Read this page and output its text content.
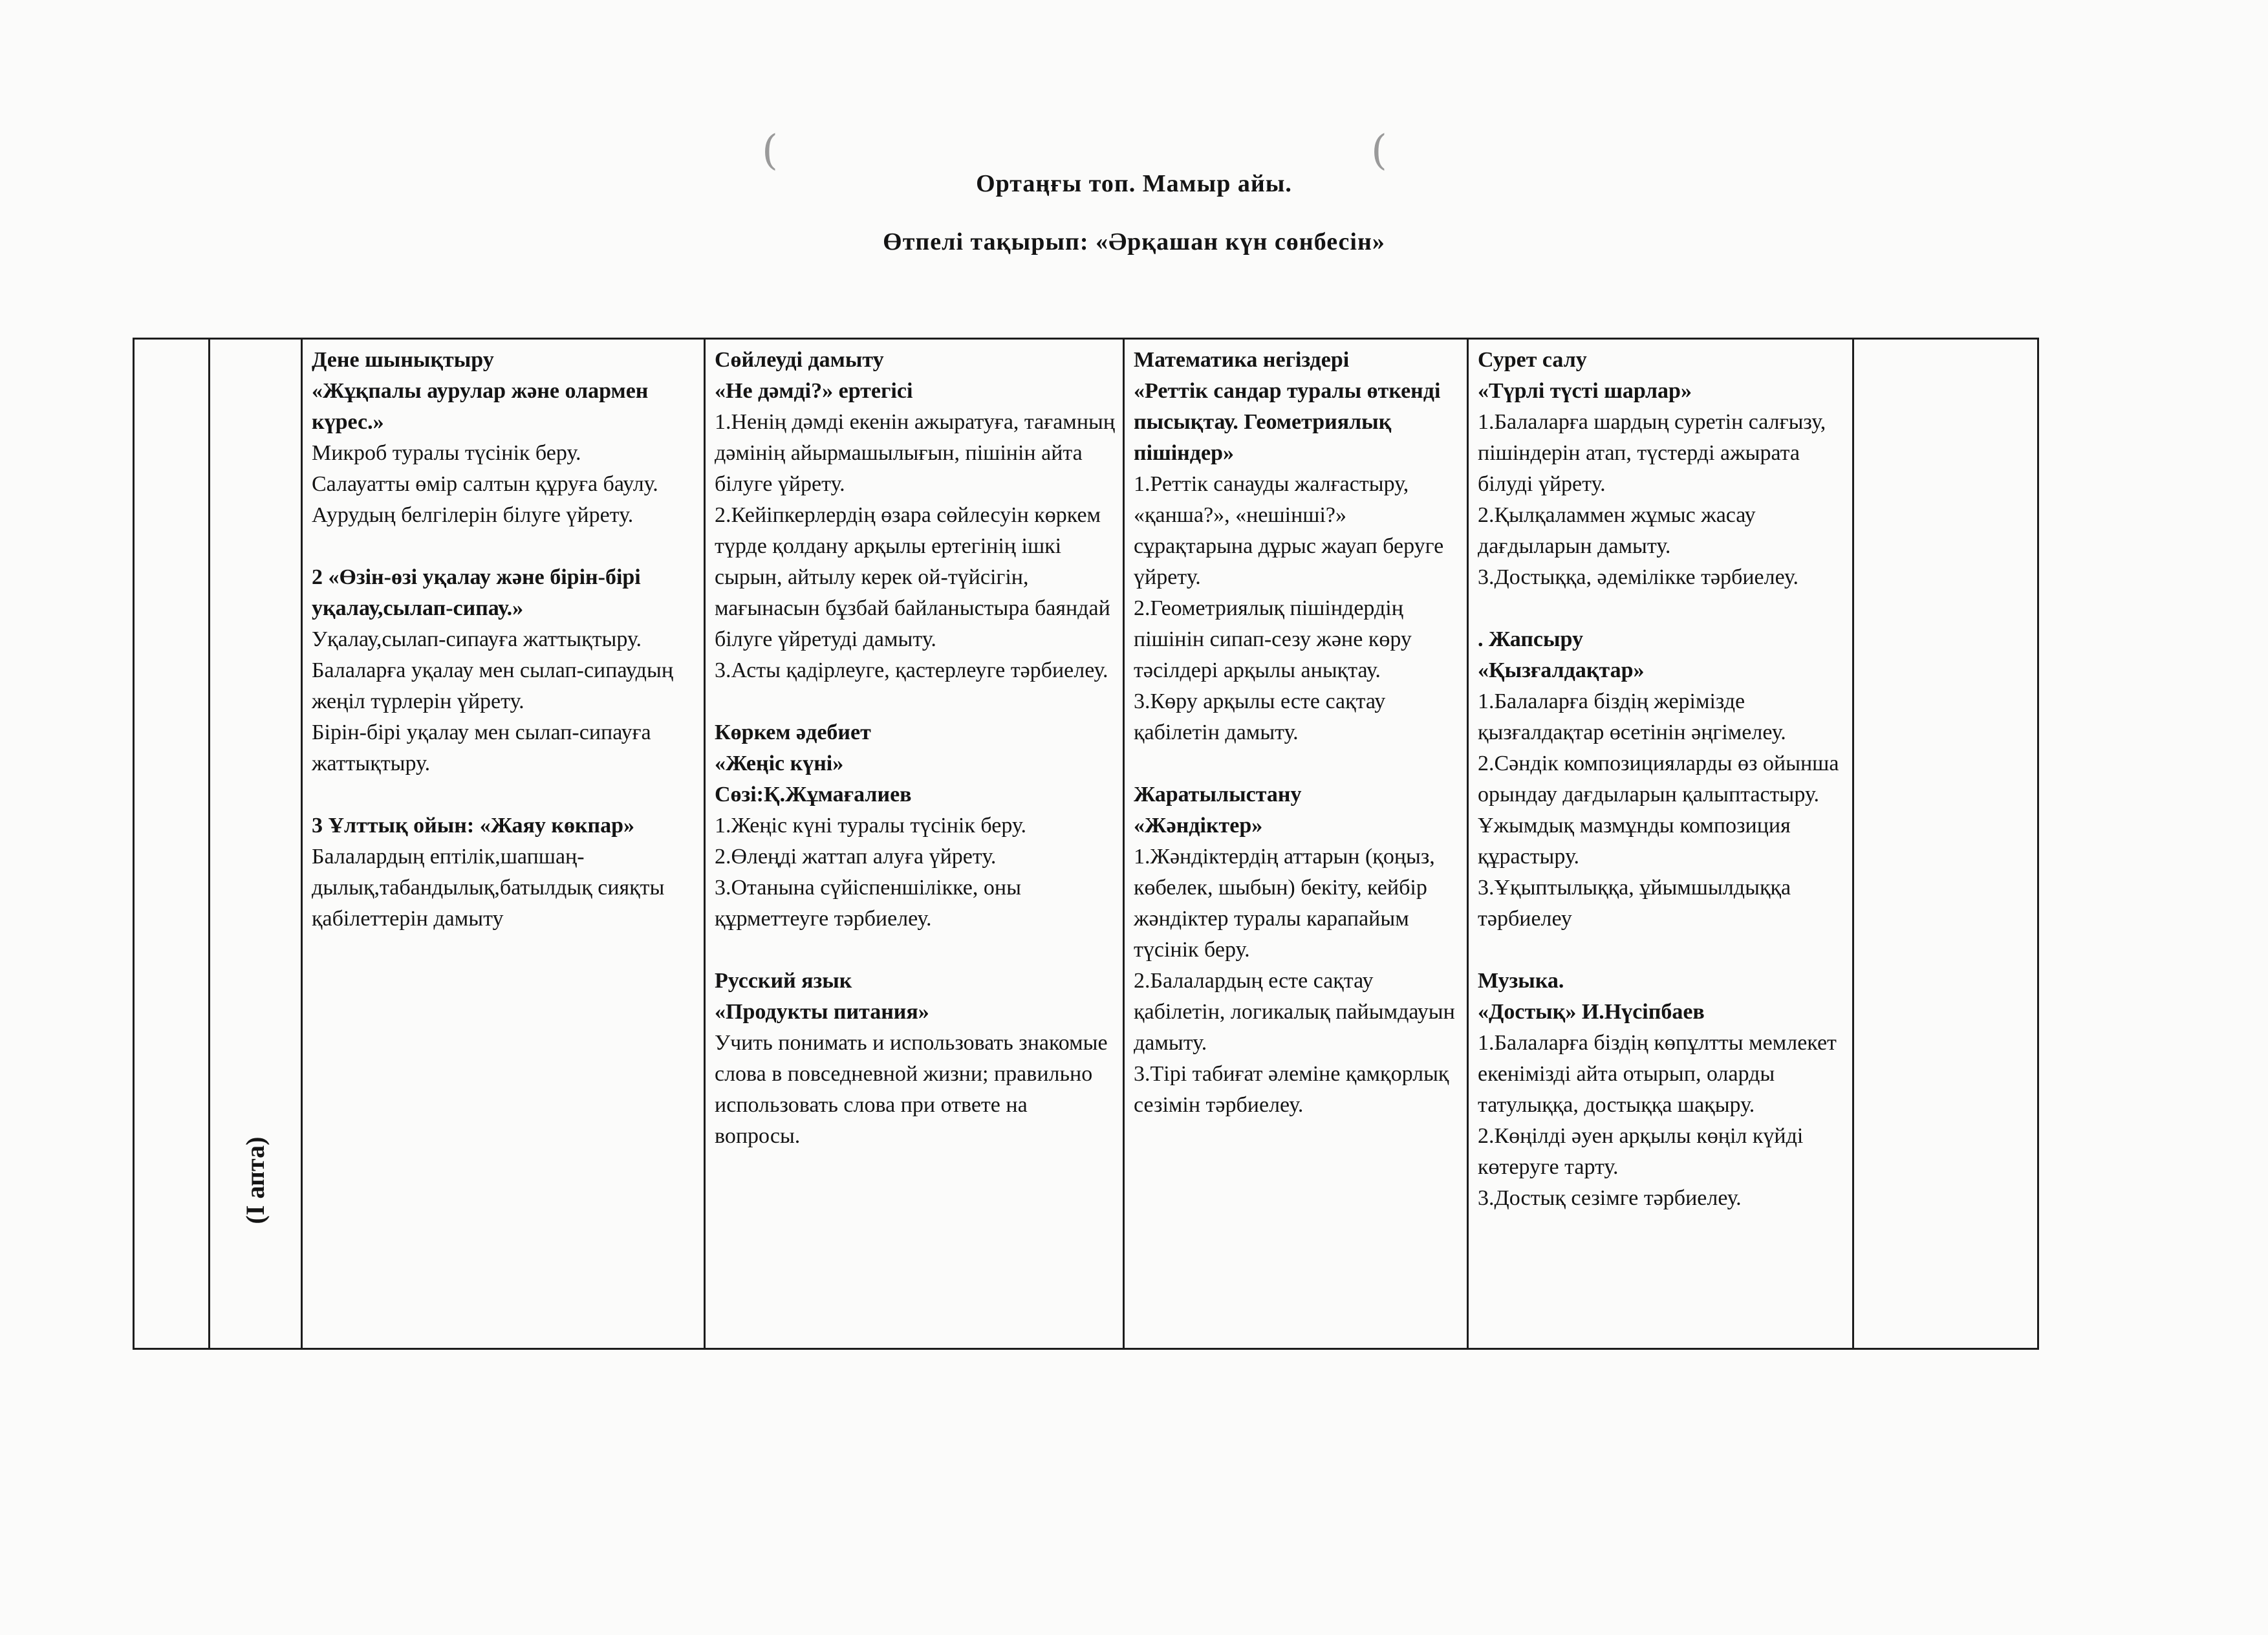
(	(
Ортаңғы топ. Мамыр айы.
Өтпелі тақырып: «Әрқашан күн сөнбесін»

(I апта)

Дене шынықтыру
«Жұқпалы аурулар және олармен күрес.»
Микроб туралы түсінік беру.
Салауатты өмір салтын құруға баулу.
Аурудың белгілерін білуге үйрету.
2 «Өзін-өзі уқалау және бірін-бірі уқалау,сылап-сипау.»
Уқалау,сылап-сипауға жаттықтыру.
Балаларға уқалау мен сылап-сипаудың жеңіл түрлерін үйрету.
Бірін-бірі уқалау мен сылап-сипауға жаттықтыру.
3 Ұлттық ойын: «Жаяу көкпар»
Балалардың ептілік,шапшаң-дылық,табандылық,батылдық сияқты қабілеттерін дамыту

Сөйлеуді дамыту
«Не дәмді?» ертегісі
1.Ненің дәмді екенін ажыратуға, тағамның дәмінің айырмашылығын, пішінін айта білуге үйрету.
2.Кейіпкерлердің өзара сөйлесуін көркем түрде қолдану арқылы ертегінің ішкі сырын, айтылу керек ой-түйсігін, мағынасын бұзбай байланыстыра баяндай білуге үйретуді дамыту.
3.Асты қадірлеуге, қастерлеуге тәрбиелеу.
Көркем әдебиет
«Жеңіс күні»
Сөзі:Қ.Жұмағалиев
1.Жеңіс күні туралы түсінік беру.
2.Өлеңді жаттап алуға үйрету.
3.Отанына сүйіспеншілікке, оны құрметтеуге тәрбиелеу.
Русский язык
«Продукты питания»
Учить понимать и использовать знакомые слова в повседневной жизни; правильно использовать слова при ответе на вопросы.

Математика негіздері
«Реттік сандар туралы өткенді пысықтау. Геометриялық пішіндер»
1.Реттік санауды жалғастыру, «қанша?», «нешінші?» сұрақтарына дұрыс жауап беруге үйрету.
2.Геометриялық пішіндердің пішінін сипап-сезу және көру тәсілдері арқылы анықтау.
3.Көру арқылы есте сақтау қабілетін дамыту.
Жаратылыстану
«Жәндіктер»
1.Жәндіктердің аттарын (қоңыз, көбелек, шыбын) бекіту, кейбір жәндіктер туралы карапайым түсінік беру.
2.Балалардың есте сақтау қабілетін, логикалық пайымдауын дамыту.
3.Тірі табиғат әлеміне қамқорлық сезімін тәрбиелеу.

Сурет салу
«Түрлі түсті шарлар»
1.Балаларға шардың суретін салғызу, пішіндерін атап, түстерді ажырата білуді үйрету.
2.Қылқаламмен жұмыс жасау дағдыларын дамыту.
3.Достыққа, әдемілікке тәрбиелеу.
. Жапсыру
«Қызғалдақтар»
1.Балаларға біздің жерімізде қызғалдақтар өсетінін әңгімелеу.
2.Сәндік композицияларды өз ойынша орындау дағдыларын қалыптастыру. Ұжымдық мазмұнды композиция құрастыру.
3.Ұқыптылыққа, ұйымшылдыққа тәрбиелеу
Музыка.
«Достық» И.Нүсіпбаев
1.Балаларға біздің көпұлтты мемлекет екенімізді айта отырып, оларды татулыққа, достыққа шақыру.
2.Көңілді әуен арқылы көңіл күйді көтеруге тарту.
3.Достық сезімге тәрбиелеу.
